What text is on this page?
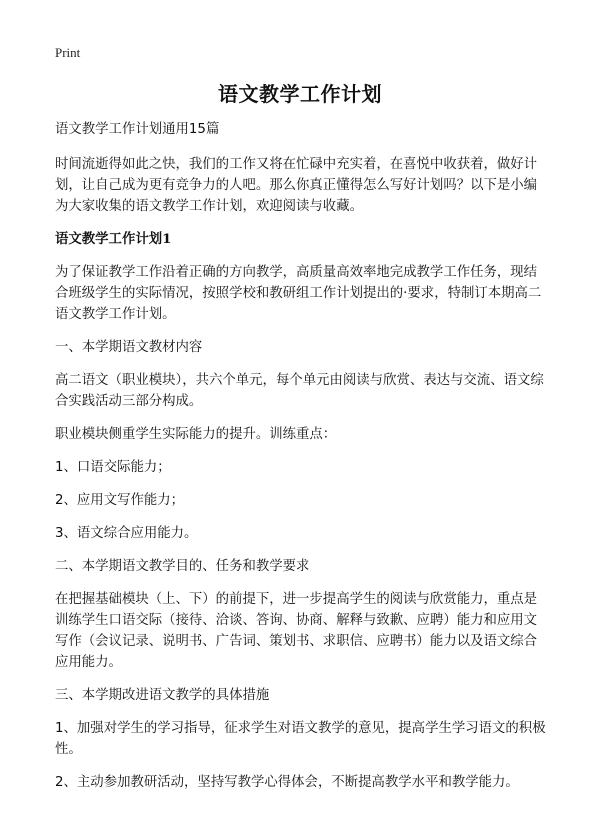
Print
语文教学工作计划

语文教学工作计划通用15篇

时间流逝得如此之快，我们的工作又将在忙碌中充实着，在喜悦中收获着，做好计划，让自己成为更有竞争力的人吧。那么你真正懂得怎么写好计划吗？以下是小编为大家收集的语文教学工作计划，欢迎阅读与收藏。

语文教学工作计划1

为了保证教学工作沿着正确的方向教学，高质量高效率地完成教学工作任务，现结合班级学生的实际情况，按照学校和教研组工作计划提出的·要求，特制订本期高二语文教学工作计划。

一、本学期语文教材内容

高二语文（职业模块），共六个单元，每个单元由阅读与欣赏、表达与交流、语文综合实践活动三部分构成。

职业模块侧重学生实际能力的提升。训练重点：

1、口语交际能力；

2、应用文写作能力；

3、语文综合应用能力。

二、本学期语文教学目的、任务和教学要求

在把握基础模块（上、下）的前提下，进一步提高学生的阅读与欣赏能力，重点是训练学生口语交际（接待、洽谈、答询、协商、解释与致歉、应聘）能力和应用文写作（会议记录、说明书、广告词、策划书、求职信、应聘书）能力以及语文综合应用能力。

三、本学期改进语文教学的具体措施

1、加强对学生的学习指导，征求学生对语文教学的意见，提高学生学习语文的积极性。

2、主动参加教研活动，坚持写教学心得体会，不断提高教学水平和教学能力。
